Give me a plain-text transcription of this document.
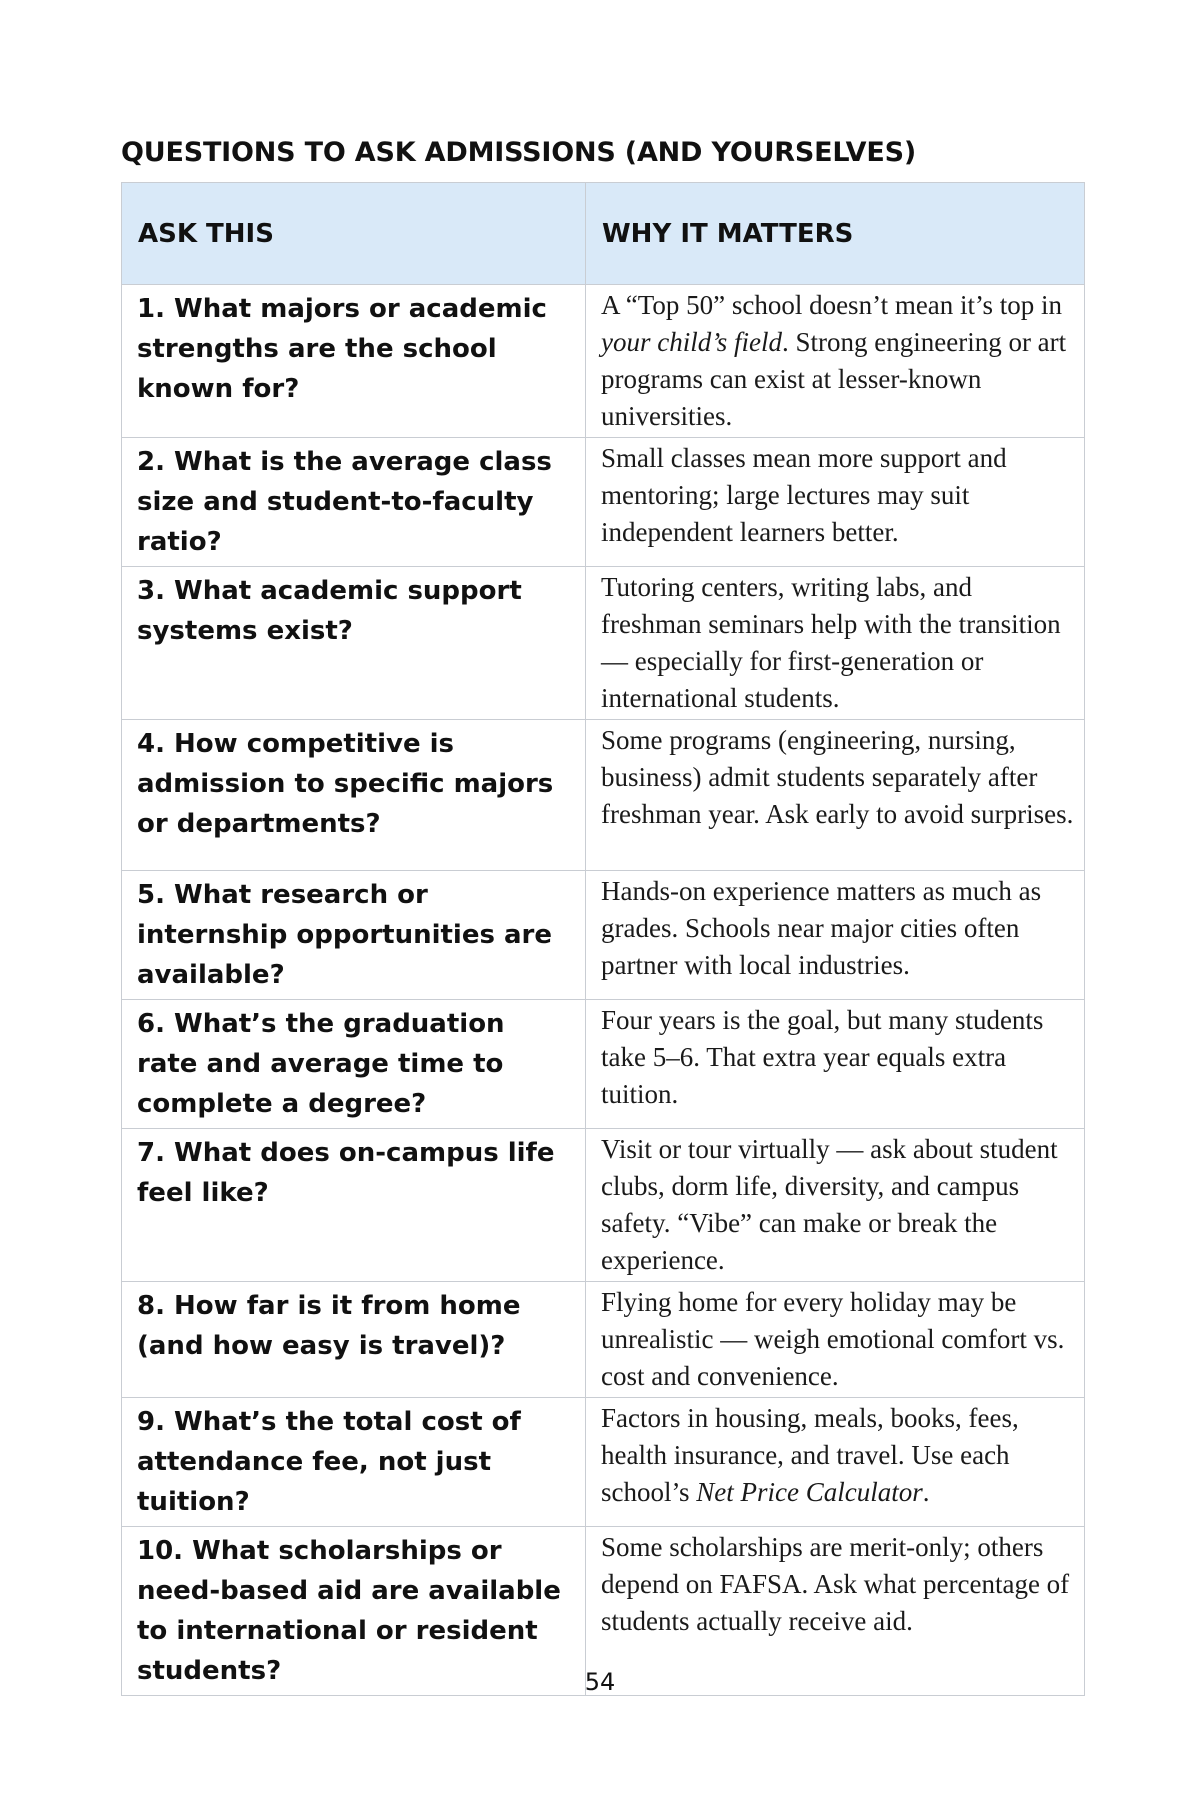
QUESTIONS TO ASK ADMISSIONS (AND YOURSELVES)
ASK THIS	WHY IT MATTERS
1. What majors or academic strengths are the school known for?	A “Top 50” school doesn’t mean it’s top in your child’s field. Strong engineering or art programs can exist at lesser-known universities.
2. What is the average class size and student-to-faculty ratio?	Small classes mean more support and mentoring; large lectures may suit independent learners better.
3. What academic support systems exist?	Tutoring centers, writing labs, and freshman seminars help with the transition — especially for first-generation or international students.
4. How competitive is admission to specific majors or departments?	Some programs (engineering, nursing, business) admit students separately after freshman year. Ask early to avoid surprises.
5. What research or internship opportunities are available?	Hands-on experience matters as much as grades. Schools near major cities often partner with local industries.
6. What’s the graduation rate and average time to complete a degree?	Four years is the goal, but many students take 5–6. That extra year equals extra tuition.
7. What does on-campus life feel like?	Visit or tour virtually — ask about student clubs, dorm life, diversity, and campus safety. “Vibe” can make or break the experience.
8. How far is it from home (and how easy is travel)?	Flying home for every holiday may be unrealistic — weigh emotional comfort vs. cost and convenience.
9. What’s the total cost of attendance fee, not just tuition?	Factors in housing, meals, books, fees, health insurance, and travel. Use each school’s Net Price Calculator.
10. What scholarships or need-based aid are available to international or resident students?	Some scholarships are merit-only; others depend on FAFSA. Ask what percentage of students actually receive aid.
54
